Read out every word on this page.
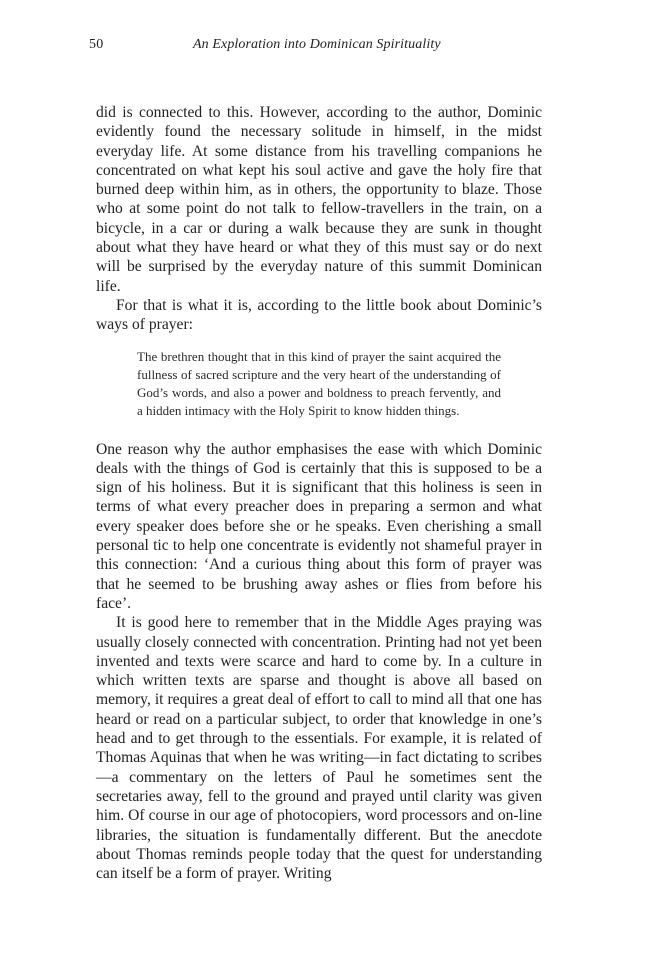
50	An Exploration into Dominican Spirituality

did is connected to this. However, according to the author, Dominic evidently found the necessary solitude in himself, in the midst everyday life. At some distance from his travelling companions he concentrated on what kept his soul active and gave the holy fire that burned deep within him, as in others, the opportunity to blaze. Those who at some point do not talk to fellow-travellers in the train, on a bicycle, in a car or during a walk because they are sunk in thought about what they have heard or what they of this must say or do next will be surprised by the everyday nature of this summit Dominican life.

For that is what it is, according to the little book about Dominic’s ways of prayer:

The brethren thought that in this kind of prayer the saint acquired the fullness of sacred scripture and the very heart of the understanding of God’s words, and also a power and boldness to preach fervently, and a hidden intimacy with the Holy Spirit to know hidden things.

One reason why the author emphasises the ease with which Dominic deals with the things of God is certainly that this is supposed to be a sign of his holiness. But it is significant that this holiness is seen in terms of what every preacher does in preparing a sermon and what every speaker does before she or he speaks. Even cherishing a small personal tic to help one concentrate is evidently not shameful prayer in this connection: ‘And a curious thing about this form of prayer was that he seemed to be brushing away ashes or flies from before his face’.

It is good here to remember that in the Middle Ages praying was usually closely connected with concentration. Printing had not yet been invented and texts were scarce and hard to come by. In a culture in which written texts are sparse and thought is above all based on memory, it requires a great deal of effort to call to mind all that one has heard or read on a particular subject, to order that knowledge in one’s head and to get through to the essentials. For example, it is related of Thomas Aquinas that when he was writing—in fact dictating to scribes—a commentary on the letters of Paul he sometimes sent the secretaries away, fell to the ground and prayed until clarity was given him. Of course in our age of photocopiers, word processors and on-line libraries, the situation is fundamentally different. But the anecdote about Thomas reminds people today that the quest for understanding can itself be a form of prayer. Writing
